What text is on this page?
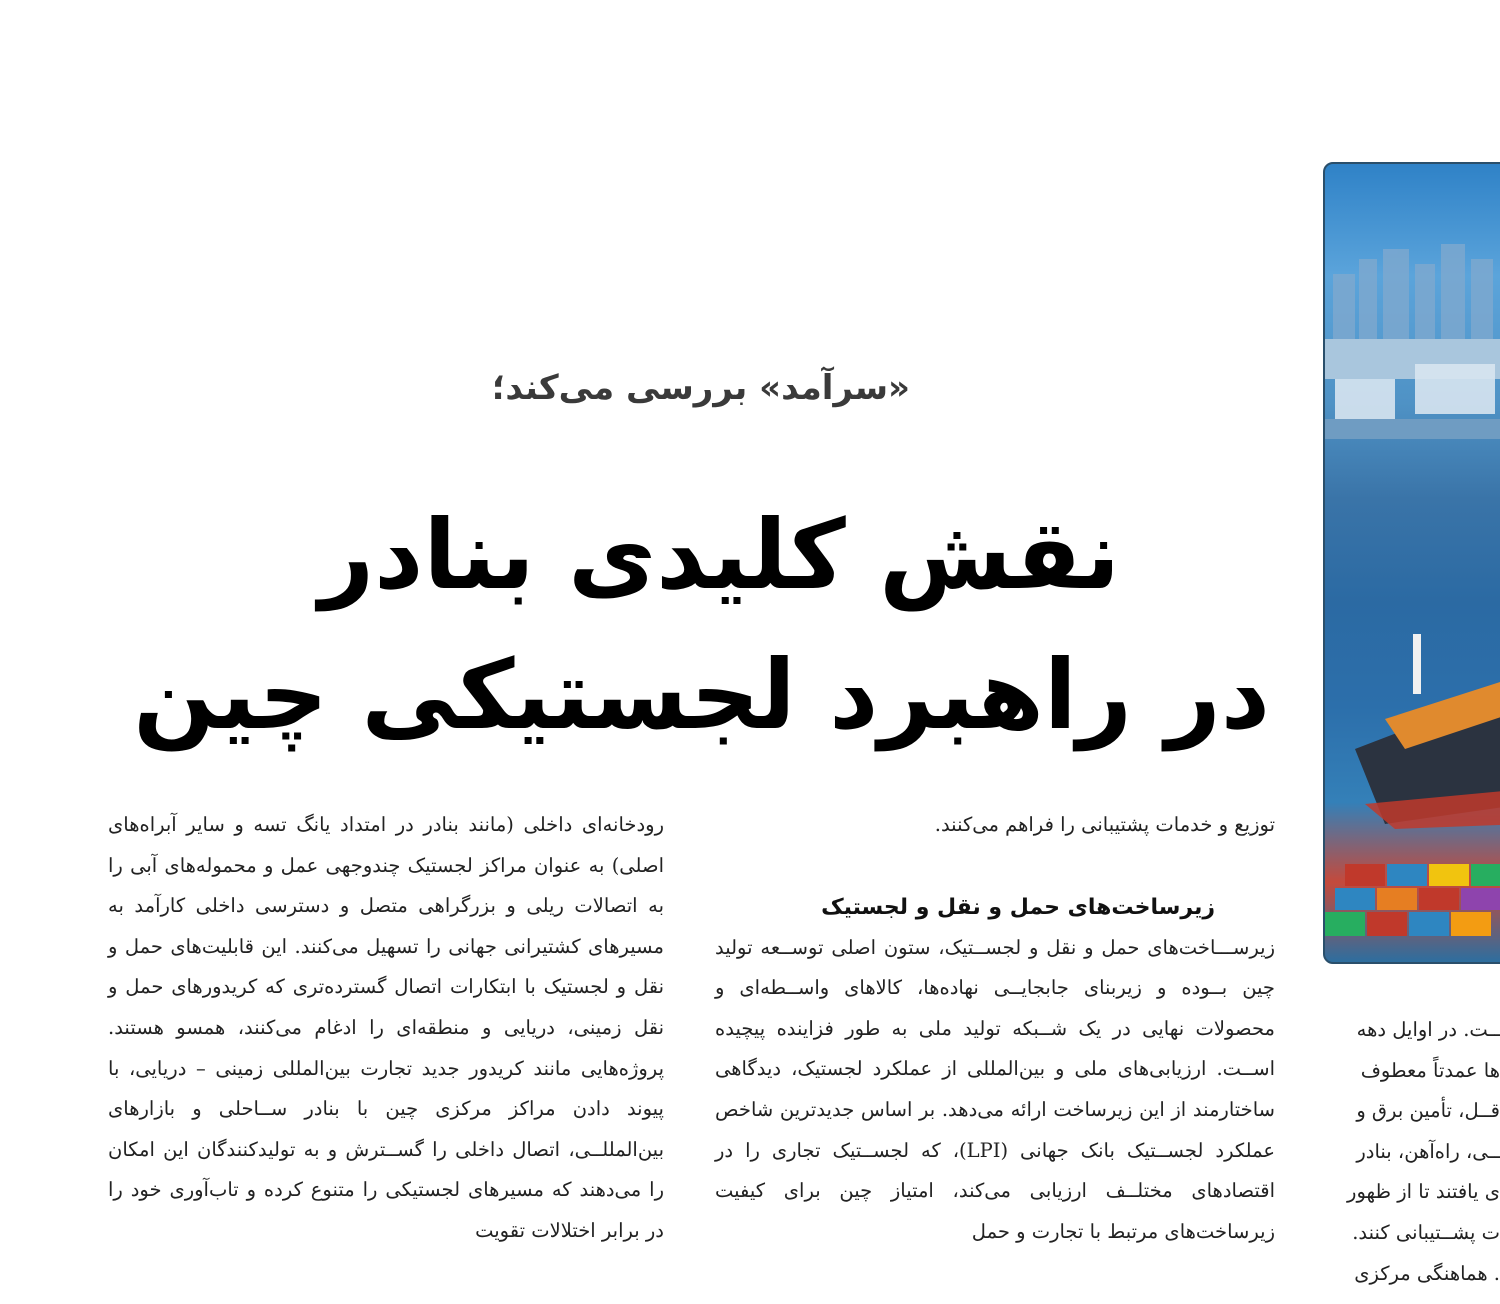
«سرآمد» بررسی می‌کند؛
نقش کلیدی بنادر
در راهبرد لجستیکی چین

توزیع و خدمات پشتیبانی را فراهم می‌کنند.

زیرساخت‌های حمل و نقل و لجستیک

زیرســـاخت‌های حمل و نقل و لجســتیک، ستون اصلی توســعه تولید چین بــوده و زیربنای جابجایــی نهاده‌ها، کالاهای واســطه‌ای و محصولات نهایی در یک شــبکه تولید ملی به طور فزاینده پیچیده اســت. ارزیابی‌های ملی و بین‌المللی از عملکرد لجستیک، دیدگاهی ساختارمند از این زیرساخت ارائه می‌دهد. بر اساس جدیدترین شاخص عملکرد لجســتیک بانک جهانی (LPI)، که لجســتیک تجاری را در اقتصادهای مختلــف ارزیابی می‌کند، امتیاز چین برای کیفیت زیرساخت‌های مرتبط با تجارت و حمل

رودخانه‌ای داخلی (مانند بنادر در امتداد یانگ تسه و سایر آبراه‌های اصلی) به عنوان مراکز لجستیک چندوجهی عمل و محموله‌های آبی را به اتصالات ریلی و بزرگراهی متصل و دسترسی داخلی کارآمد به مسیرهای کشتیرانی جهانی را تسهیل می‌کنند. این قابلیت‌های حمل و نقل و لجستیک با ابتکارات اتصال گسترده‌تری که کریدورهای حمل و نقل زمینی، دریایی و منطقه‌ای را ادغام می‌کنند، همسو هستند. پروژه‌هایی مانند کریدور جدید تجارت بین‌المللی زمینی – دریایی، با پیوند دادن مراکز مرکزی چین با بنادر ســاحلی و بازارهای بین‌المللــی، اتصال داخلی را گســترش و به تولیدکنندگان این امکان را می‌دهند که مسیرهای لجستیکی را متنوع کرده و تاب‌آوری خود را در برابر اختلالات تقویت

ــت. در اوایل دهه

ها عمدتاً معطوف

قــل، تأمین برق و

ــی، راه‌آهن، بنادر

ی یافتند تا از ظهور

ت پشــتیبانی کنند.

. هماهنگی مرکزی
